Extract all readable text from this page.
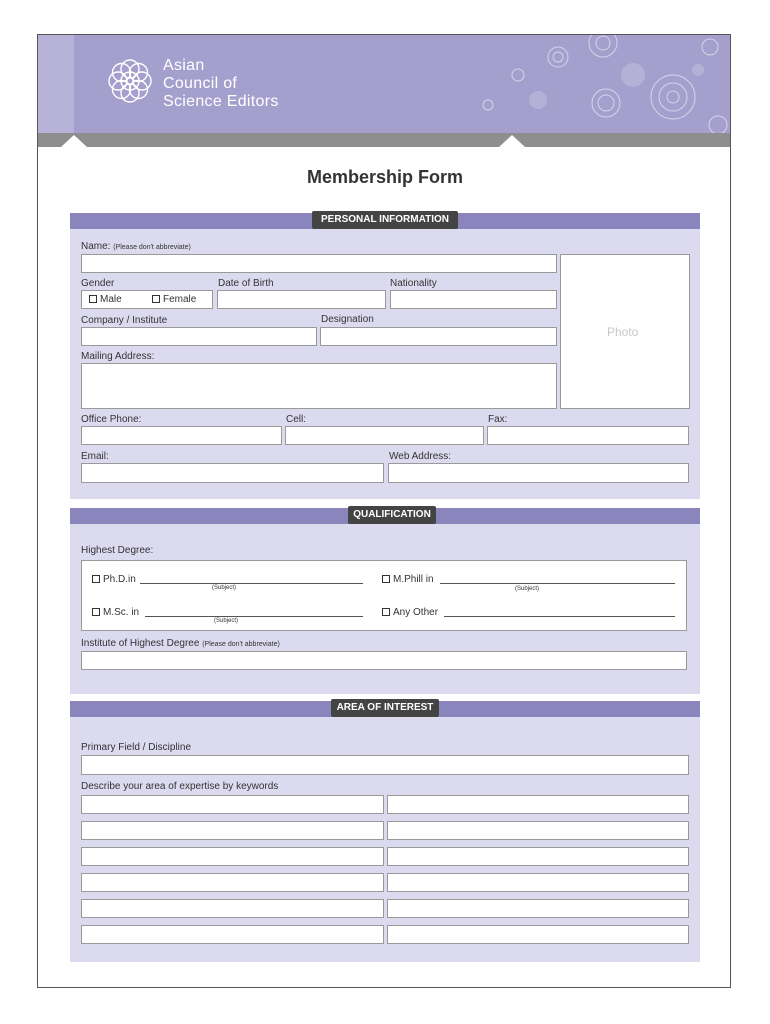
Asian
Council of
Science Editors
Membership Form
PERSONAL INFORMATION
Name: (Please don't abbreviate)
Photo
Gender
Male	Female
Date of Birth	Nationality
Company / Institute	Designation
Mailing Address:
Office Phone:	Cell:	Fax:
Email:	Web Address:
QUALIFICATION
Highest Degree:
Ph.D.in
(Subject)
M.Phill in
(Subject)
M.Sc. in
(Subject)
Any Other
Institute of Highest Degree (Please don't abbreviate)
AREA OF INTEREST
Primary Field / Discipline
Describe your area of expertise by keywords
